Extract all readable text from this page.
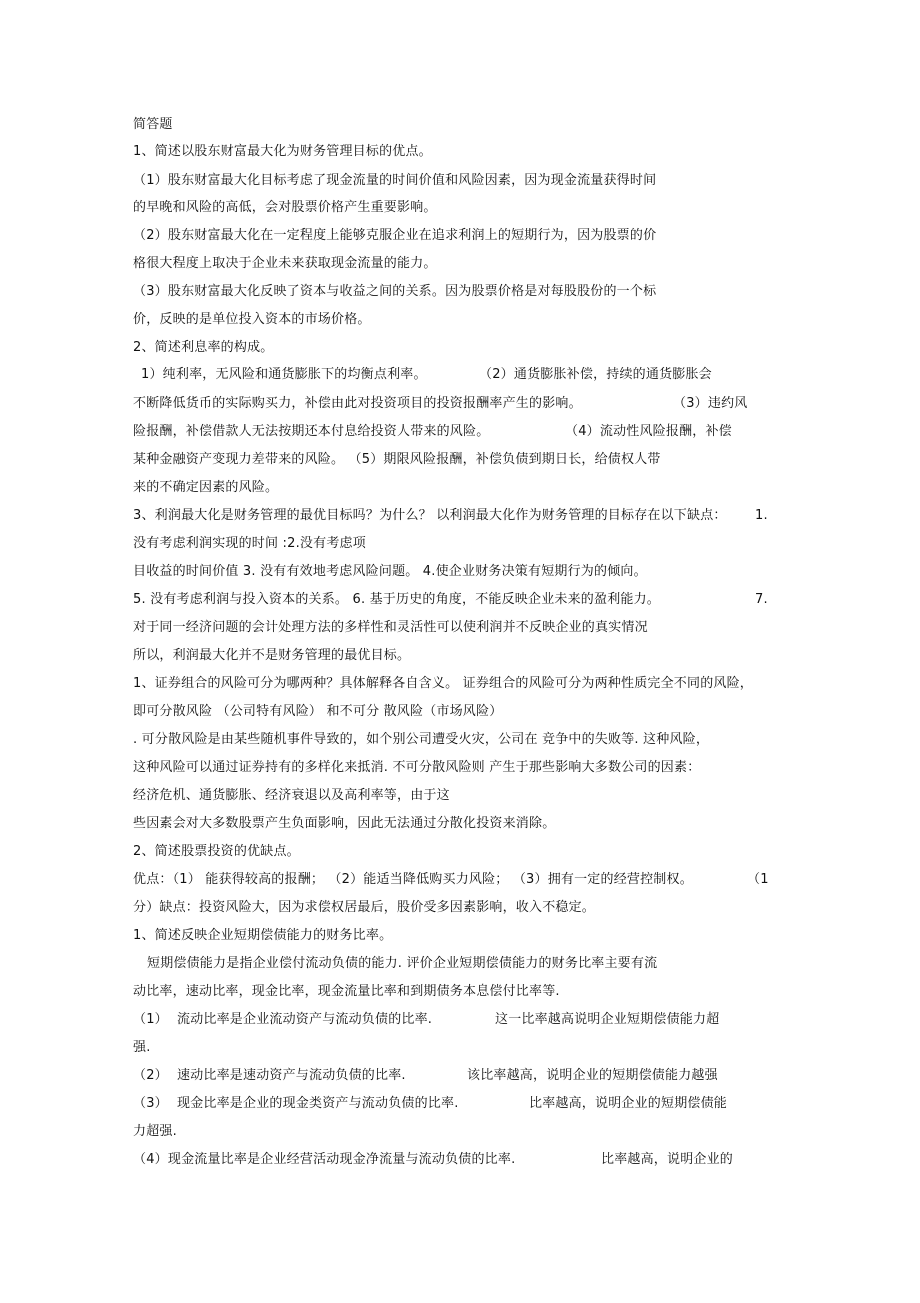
简答题
1、简述以股东财富最大化为财务管理目标的优点。
（1）股东财富最大化目标考虑了现金流量的时间价值和风险因素，因为现金流量获得时间
的早晚和风险的高低，会对股票价格产生重要影响。
（2）股东财富最大化在一定程度上能够克服企业在追求利润上的短期行为，因为股票的价
格很大程度上取决于企业未来获取现金流量的能力。
（3）股东财富最大化反映了资本与收益之间的关系。因为股票价格是对每股股份的一个标
价，反映的是单位投入资本的市场价格。
2、简述利息率的构成。
1）纯利率，无风险和通货膨胀下的均衡点利率。	（2）通货膨胀补偿，持续的通货膨胀会
不断降低货币的实际购买力，补偿由此对投资项目的投资报酬率产生的影响。	（3）违约风
险报酬，补偿借款人无法按期还本付息给投资人带来的风险。	（4）流动性风险报酬，补偿
某种金融资产变现力差带来的风险。 （5）期限风险报酬，补偿负债到期日长，给债权人带
来的不确定因素的风险。
3、利润最大化是财务管理的最优目标吗？为什么？ 以利润最大化作为财务管理的目标存在以下缺点： 1.
没有考虑利润实现的时间 :2.没有考虑项
目收益的时间价值 3. 没有有效地考虑风险问题。 4.使企业财务决策有短期行为的倾向。
5. 没有考虑利润与投入资本的关系。 6. 基于历史的角度，不能反映企业未来的盈利能力。	7.
对于同一经济问题的会计处理方法的多样性和灵活性可以使利润并不反映企业的真实情况
所以，利润最大化并不是财务管理的最优目标。
1、证券组合的风险可分为哪两种？具体解释各自含义。 证券组合的风险可分为两种性质完全不同的风险，
即可分散风险 （公司特有风险） 和不可分 散风险（市场风险）
. 可分散风险是由某些随机事件导致的，如个别公司遭受火灾，公司在 竞争中的失败等. 这种风险，
这种风险可以通过证券持有的多样化来抵消. 不可分散风险则 产生于那些影响大多数公司的因素：
经济危机、通货膨胀、经济衰退以及高利率等，由于这
些因素会对大多数股票产生负面影响，因此无法通过分散化投资来消除。
2、简述股票投资的优缺点。
优点：（1） 能获得较高的报酬； （2）能适当降低购买力风险； （3）拥有一定的经营控制权。	（1
分）缺点：投资风险大，因为求偿权居最后，股价受多因素影响，收入不稳定。
1、简述反映企业短期偿债能力的财务比率。
短期偿债能力是指企业偿付流动负债的能力. 评价企业短期偿债能力的财务比率主要有流
动比率，速动比率，现金比率，现金流量比率和到期债务本息偿付比率等.
（1） 流动比率是企业流动资产与流动负债的比率.	这一比率越高说明企业短期偿债能力超
强.
（2） 速动比率是速动资产与流动负债的比率.	该比率越高，说明企业的短期偿债能力越强
（3） 现金比率是企业的现金类资产与流动负债的比率.	比率越高，说明企业的短期偿债能
力超强.
（4）现金流量比率是企业经营活动现金净流量与流动负债的比率.	比率越高，说明企业的
